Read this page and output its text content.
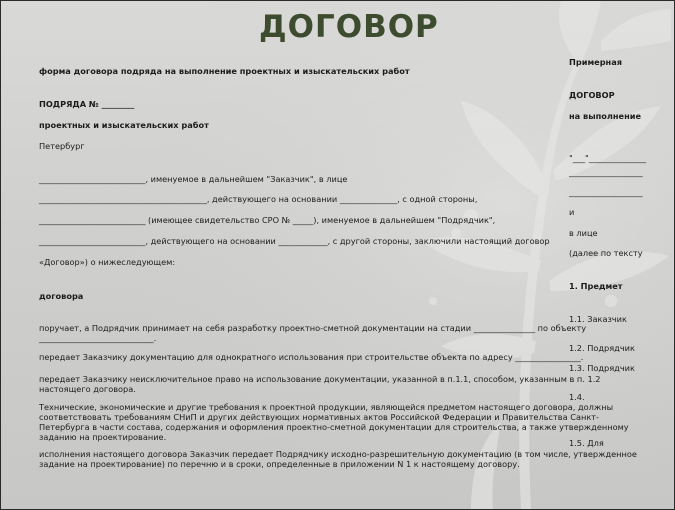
ДОГОВОР

форма договора подряда на выполнение проектных и изыскательских работ

ПОДРЯДА № ________

проектных и изыскательских работ

Петербург

__________________________, именуемое в дальнейшем "Заказчик", в лице

_________________________________________, действующего на основании ______________, с одной стороны,

__________________________ (имеющее свидетельство СРО № _____), именуемое в дальнейшем "Подрядчик",

__________________________, действующего на основании ____________, с другой стороны, заключили настоящий договор

«Договор») о нижеследующем:

договора

поручает, а Подрядчик принимает на себя разработку проектно-сметной документации на стадии _______________ по объекту

____________________________.

передает Заказчику документацию для однократного использования при строительстве объекта по адресу ________________.

передает Заказчику неисключительное право на использование документации, указанной в п.1.1, способом, указанным в п. 1.2 настоящего договора.

Технические, экономические и другие требования к проектной продукции, являющейся предметом настоящего договора, должны соответствовать требованиям СНиП и других действующих нормативных актов Российской Федерации и Правительства Санкт-Петербурга в части состава, содержания и оформления проектно-сметной документации для строительства, а также утвержденному заданию на проектирование.

исполнения настоящего договора Заказчик передает Подрядчику исходно-разрешительную документацию (в том числе, утвержденное задание на проектирование) по перечню и в сроки, определенные в приложении N 1 к настоящему договору.

Примерная

ДОГОВОР

на выполнение

"___"______________

__________________

__________________

и

в лице

(далее по тексту

1. Предмет

1.1. Заказчик

1.2. Подрядчик

1.3. Подрядчик

1.4.

1.5. Для
